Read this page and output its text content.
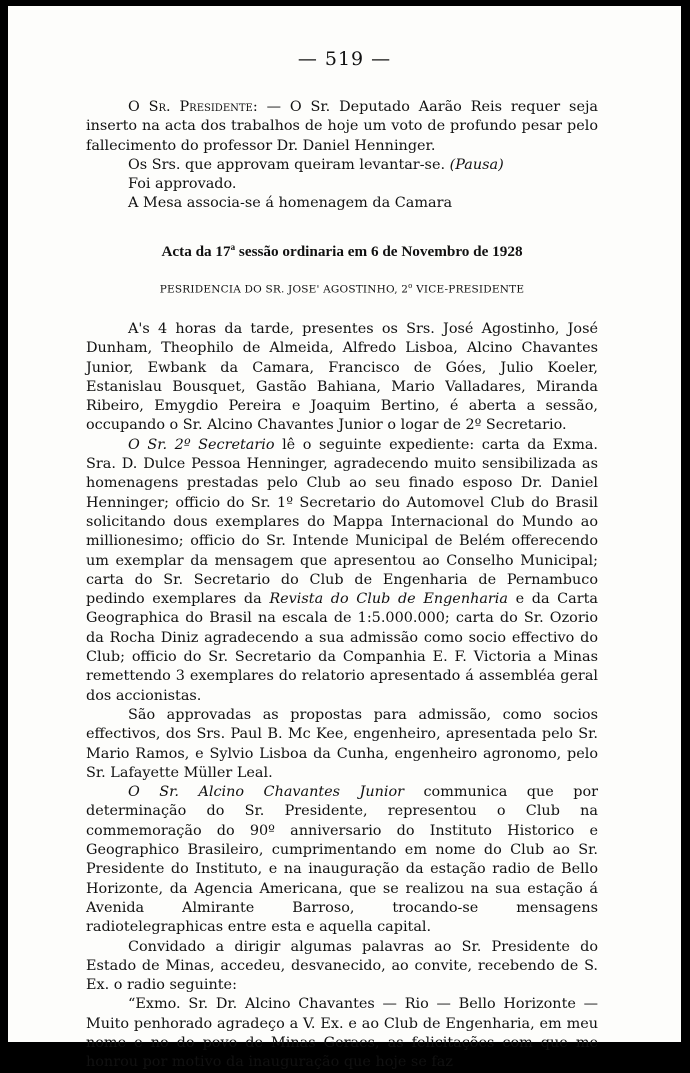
— 519 —

O Sr. Presidente: — O Sr. Deputado Aarão Reis requer seja inserto na acta dos trabalhos de hoje um voto de profundo pesar pelo fallecimento do professor Dr. Daniel Henninger.

Os Srs. que approvam queiram levantar-se. (Pausa)

Foi approvado.

A Mesa associa-se á homenagem da Camara

Acta da 17$^a$ sessão ordinaria em 6 de Novembro de 1928
PESRIDENCIA DO SR. JOSE' AGOSTINHO, 2$^o$ VICE-PRESIDENTE

A's 4 horas da tarde, presentes os Srs. José Agostinho, José Dunham, Theophilo de Almeida, Alfredo Lisboa, Alcino Chavantes Junior, Ewbank da Camara, Francisco de Góes, Julio Koeler, Estanislau Bousquet, Gastão Bahiana, Mario Valladares, Miranda Ribeiro, Emygdio Pereira e Joaquim Bertino, é aberta a sessão, occupando o Sr. Alcino Chavantes Junior o logar de 2º Secretario.

O Sr. 2º Secretario lê o seguinte expediente: carta da Exma. Sra. D. Dulce Pessoa Henninger, agradecendo muito sensibilizada as homenagens prestadas pelo Club ao seu finado esposo Dr. Daniel Henninger; officio do Sr. 1º Secretario do Automovel Club do Brasil solicitando dous exemplares do Mappa Internacional do Mundo ao millionesimo; officio do Sr. Intende Municipal de Belém offerecendo um exemplar da mensagem que apresentou ao Conselho Municipal; carta do Sr. Secretario do Club de Engenharia de Pernambuco pedindo exemplares da Revista do Club de Engenharia e da Carta Geographica do Brasil na escala de 1:5.000.000; carta do Sr. Ozorio da Rocha Diniz agradecendo a sua admissão como socio effectivo do Club; officio do Sr. Secretario da Companhia E. F. Victoria a Minas remettendo 3 exemplares do relatorio apresentado á assembléa geral dos accionistas.

São approvadas as propostas para admissão, como socios effectivos, dos Srs. Paul B. Mc Kee, engenheiro, apresentada pelo Sr. Mario Ramos, e Sylvio Lisboa da Cunha, engenheiro agronomo, pelo Sr. Lafayette Müller Leal.

O Sr. Alcino Chavantes Junior communica que por determinação do Sr. Presidente, representou o Club na commemoração do 90º anniversario do Instituto Historico e Geographico Brasileiro, cumprimentando em nome do Club ao Sr. Presidente do Instituto, e na inauguração da estação radio de Bello Horizonte, da Agencia Americana, que se realizou na sua estação á Avenida Almirante Barroso, trocando-se mensagens radiotelegraphicas entre esta e aquella capital.

Convidado a dirigir algumas palavras ao Sr. Presidente do Estado de Minas, accedeu, desvanecido, ao convite, recebendo de S. Ex. o radio seguinte:

“Exmo. Sr. Dr. Alcino Chavantes — Rio — Bello Horizonte — Muito penhorado agradeço a V. Ex. e ao Club de Engenharia, em meu nome e no do povo de Minas Geraes, as felicitações com que me honrou por motivo da inauguração que hoje se faz
